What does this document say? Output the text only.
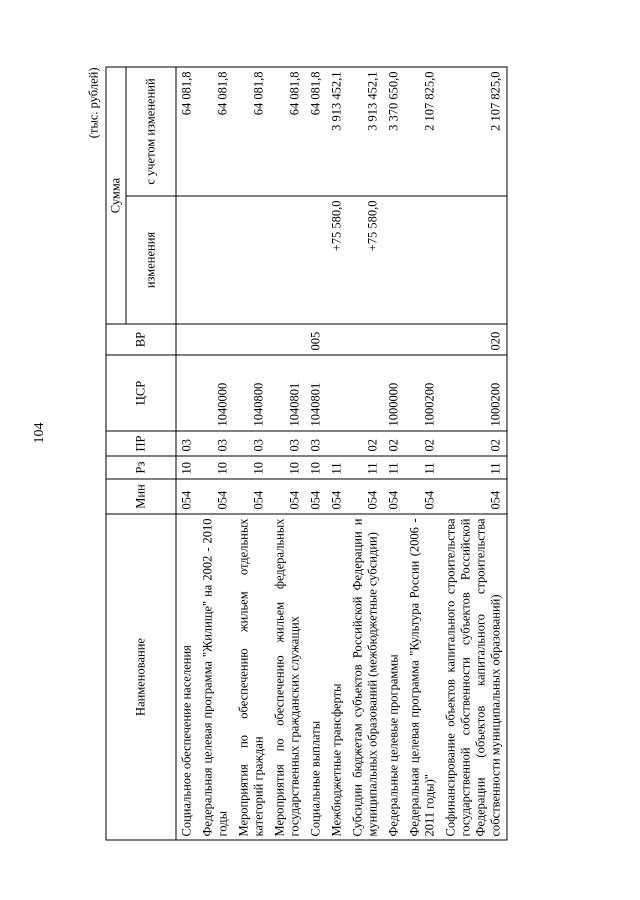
104
(тыс. рублей)
Наименование	Мин	Рз	ПР	ЦСР	ВР	Сумма	
						изменения	с учетом изменений
Социальное обеспечение населения	054	10	03				64 081,8
Федеральная целевая программа "Жилище" на 2002 - 2010 годы	054	10	03	1040000			64 081,8
Мероприятия по обеспечению жильем отдельных категорий граждан	054	10	03	1040800			64 081,8
Мероприятия по обеспечению жильем федеральных государственных гражданских служащих	054	10	03	1040801			64 081,8
Социальные выплаты	054	10	03	1040801	005		64 081,8
Межбюджетные трансферты	054	11				+75 580,0	3 913 452,1
Субсидии бюджетам субъектов Российской Федерации и муниципальных образований (межбюджетные субсидии)	054	11	02			+75 580,0	3 913 452,1
Федеральные целевые программы	054	11	02	1000000			3 370 650,0
Федеральная целевая программа "Культура России (2006 - 2011 годы)"	054	11	02	1000200			2 107 825,0
Софинансирование объектов капитального строительства государственной собственности субъектов Российской Федерации (объектов капитального строительства собственности муниципальных образований)	054	11	02	1000200	020		2 107 825,0
